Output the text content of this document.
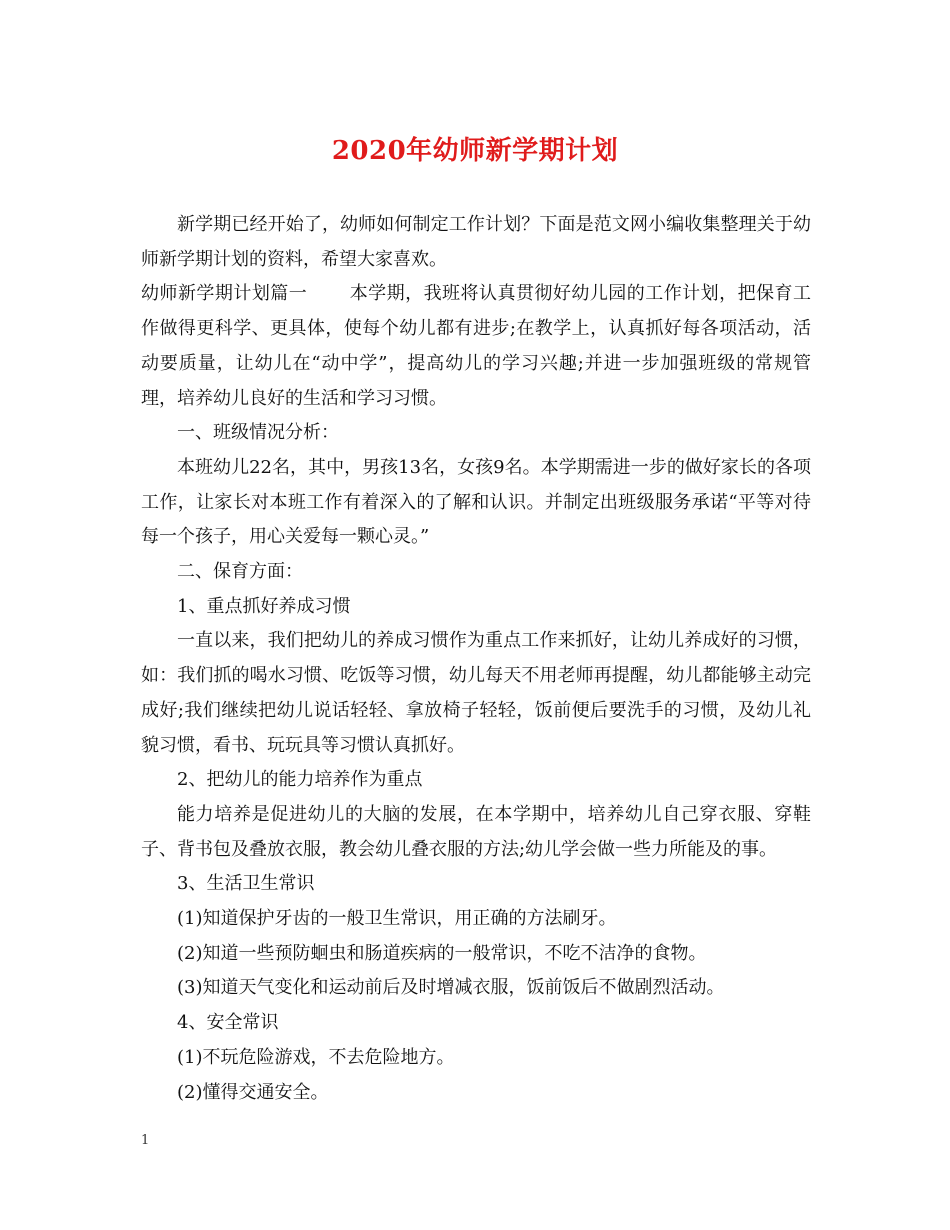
2020年幼师新学期计划

新学期已经开始了，幼师如何制定工作计划？下面是范文网小编收集整理关于幼师新学期计划的资料，希望大家喜欢。

幼师新学期计划篇一 本学期，我班将认真贯彻好幼儿园的工作计划，把保育工作做得更科学、更具体，使每个幼儿都有进步;在教学上，认真抓好每各项活动，活动要质量，让幼儿在“动中学”，提高幼儿的学习兴趣;并进一步加强班级的常规管理，培养幼儿良好的生活和学习习惯。

一、班级情况分析：

本班幼儿22名，其中，男孩13名，女孩9名。本学期需进一步的做好家长的各项工作，让家长对本班工作有着深入的了解和认识。并制定出班级服务承诺“平等对待每一个孩子，用心关爱每一颗心灵。”

二、保育方面：

1、重点抓好养成习惯

一直以来，我们把幼儿的养成习惯作为重点工作来抓好，让幼儿养成好的习惯，如：我们抓的喝水习惯、吃饭等习惯，幼儿每天不用老师再提醒，幼儿都能够主动完成好;我们继续把幼儿说话轻轻、拿放椅子轻轻，饭前便后要洗手的习惯，及幼儿礼貌习惯，看书、玩玩具等习惯认真抓好。

2、把幼儿的能力培养作为重点

能力培养是促进幼儿的大脑的发展，在本学期中，培养幼儿自己穿衣服、穿鞋子、背书包及叠放衣服，教会幼儿叠衣服的方法;幼儿学会做一些力所能及的事。

3、生活卫生常识

(1)知道保护牙齿的一般卫生常识，用正确的方法刷牙。

(2)知道一些预防蛔虫和肠道疾病的一般常识，不吃不洁净的食物。

(3)知道天气变化和运动前后及时增减衣服，饭前饭后不做剧烈活动。

4、安全常识

(1)不玩危险游戏，不去危险地方。

(2)懂得交通安全。

1
